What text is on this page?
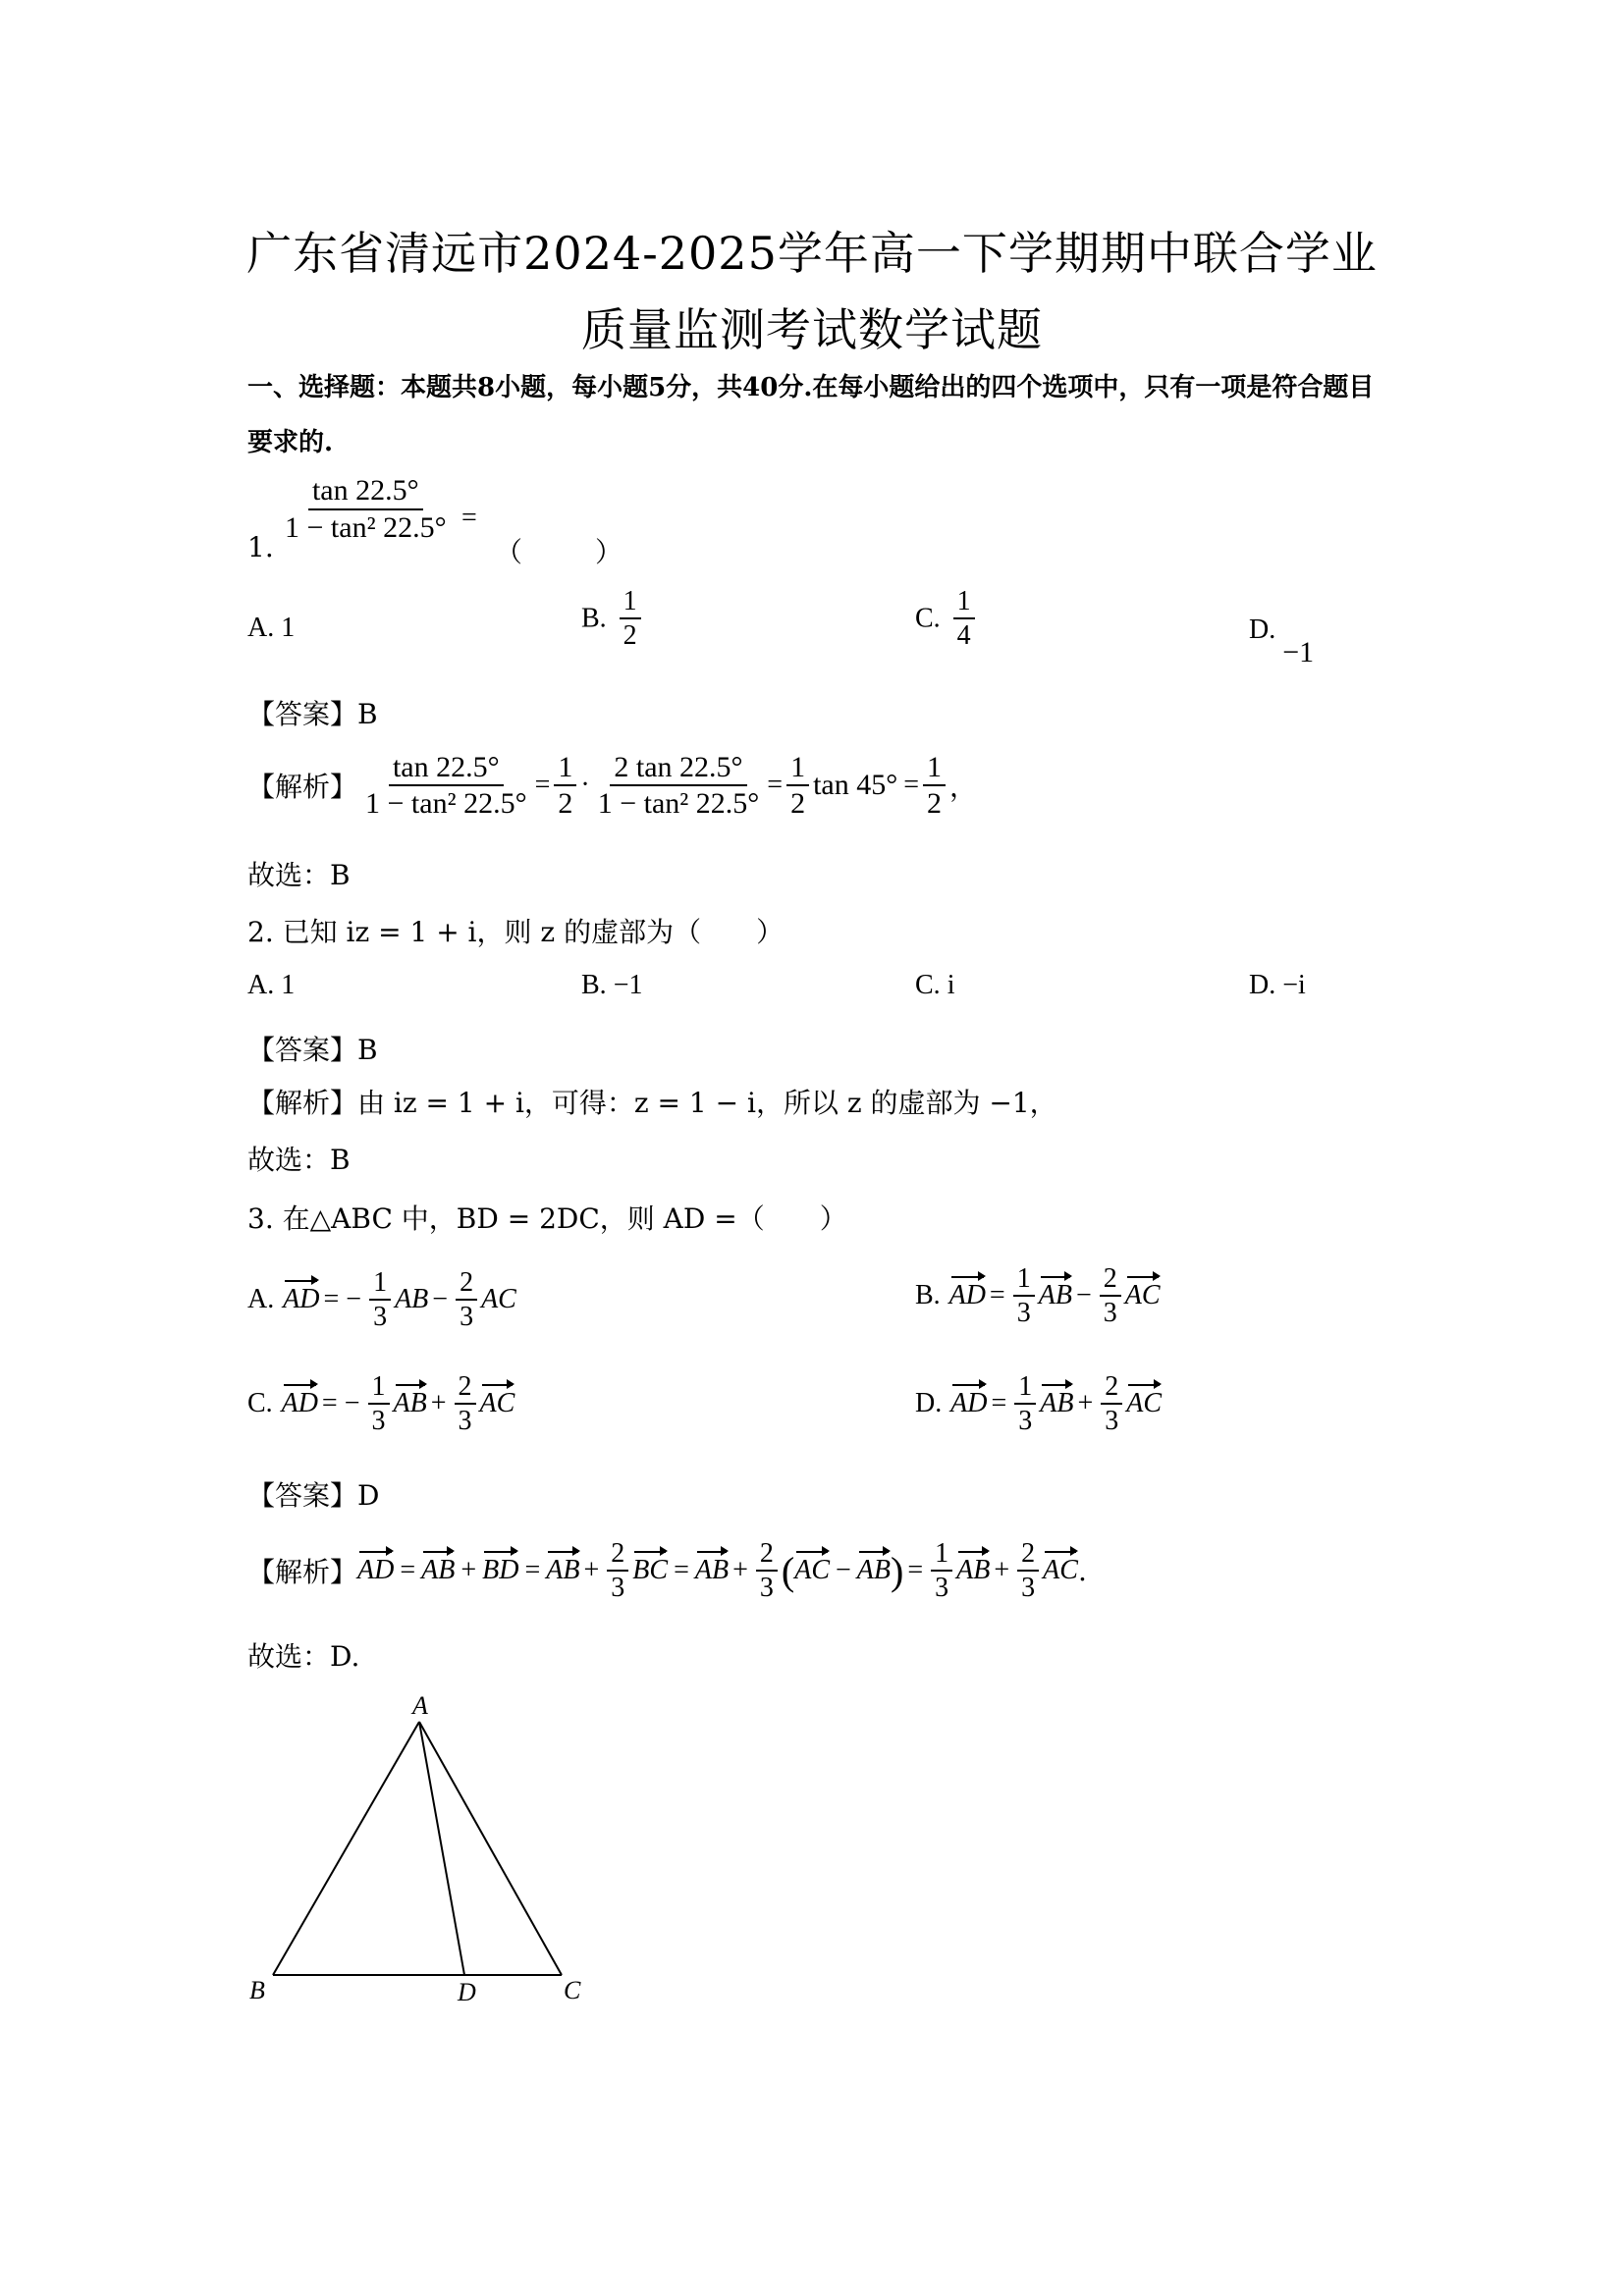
广东省清远市2024-2025学年高一下学期期中联合学业
质量监测考试数学试题
一、选择题：本题共8小题，每小题5分，共40分.在每小题给出的四个选项中，只有一项是符合题目要求的.
1.
$\frac{\tan 22.5^\circ}{\text{1 − tan² 22.5°}}$ =
（　　）
A. 1	B. $\frac{1}{2}$	C. $\frac{1}{4}$	D. −1
【答案】B
【解析】 $\frac{\tan 22.5^\circ}{\text{1 − tan² 22.5°}} = \frac{1}{2} \cdot \frac{2 \tan 22.5^\circ}{\text{1 − tan² 22.5°}} = \frac{1}{2}$ $\tan 45^\circ = \frac{1}{2}$ ，
故选：B
2. 已知 iz = 1 + i，则 z 的虚部为（　　）
A. 1	B. −1	C. i	D. −i
【答案】B
【解析】由 iz = 1 + i，可得：z = 1 − i，所以 z 的虚部为 −1，
故选：B
3. 在△ABC 中，BD = 2DC，则 AD =（　　）
A.
AD = − $\frac{1}{3}$ AB − $\frac{2}{3}$ AC	B.
AD = $\frac{1}{3}$ AB − $\frac{2}{3}$ AC
C.
AD = − $\frac{1}{3}$ AB + $\frac{2}{3}$ AC	D.
AD = $\frac{1}{3}$ AB + $\frac{2}{3}$ AC
【答案】D
【解析】 AD = AB + BD = AB + $\frac{2}{3}$ BC = AB + $\frac{2}{3}$ ( AC − AB ) = $\frac{1}{3}$ AB + $\frac{2}{3}$ AC .
故选：D.
A
B	D	C
